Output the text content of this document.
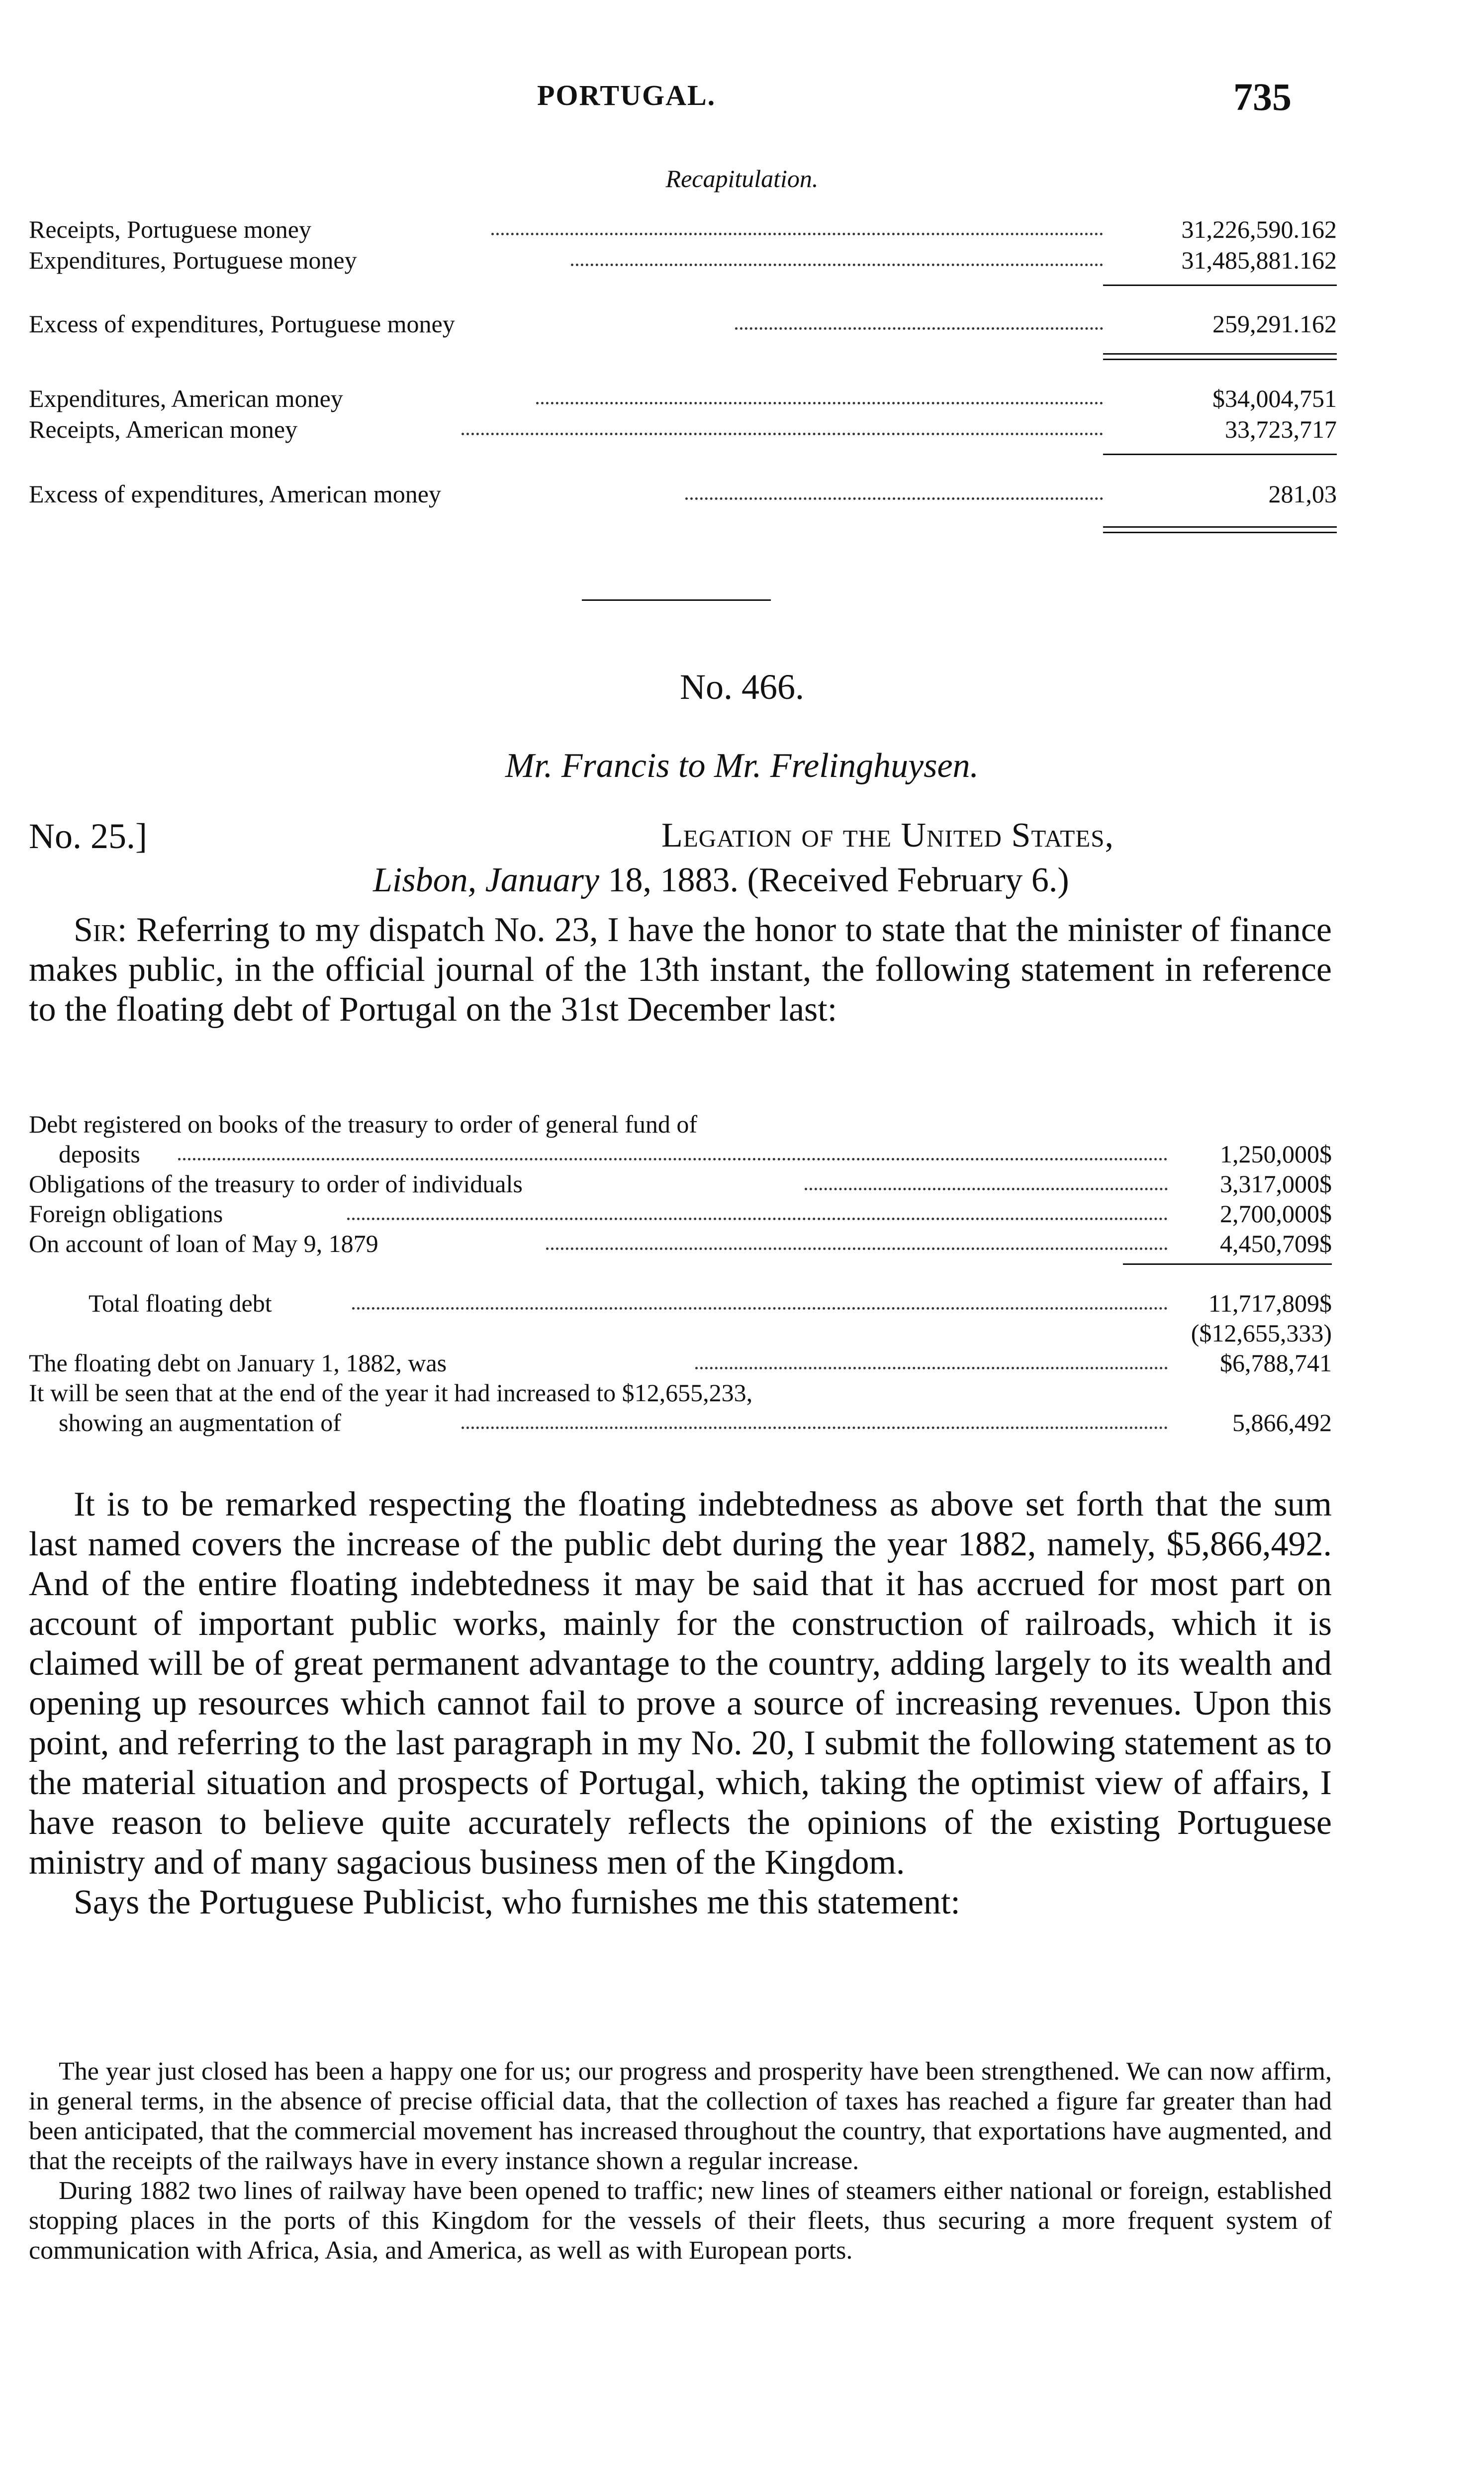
PORTUGAL.	735
Recapitulation.
Receipts, Portuguese money	31,226,590.162
Expenditures, Portuguese money	31,485,881.162
Excess of expenditures, Portuguese money	259,291.162
Expenditures, American money	$34,004,751
Receipts, American money	33,723,717
Excess of expenditures, American money	281,03
No. 466.
Mr. Francis to Mr. Frelinghuysen.
No. 25.]	Legation of the United States,
Lisbon, January 18, 1883. (Received February 6.)

Sir: Referring to my dispatch No. 23, I have the honor to state that the minister of finance makes public, in the official journal of the 13th instant, the following statement in reference to the floating debt of Portugal on the 31st December last:

Debt registered on books of the treasury to order of general fund of
deposits	1,250,000$
Obligations of the treasury to order of individuals	3,317,000$
Foreign obligations	2,700,000$
On account of loan of May 9, 1879	4,450,709$
Total floating debt	11,717,809$
($12,655,333)
The floating debt on January 1, 1882, was	$6,788,741
It will be seen that at the end of the year it had increased to $12,655,233,
showing an augmentation of	5,866,492

It is to be remarked respecting the floating indebtedness as above set forth that the sum last named covers the increase of the public debt during the year 1882, namely, $5,866,492. And of the entire floating indebtedness it may be said that it has accrued for most part on account of important public works, mainly for the construction of railroads, which it is claimed will be of great permanent advantage to the country, adding largely to its wealth and opening up resources which cannot fail to prove a source of increasing revenues. Upon this point, and referring to the last paragraph in my No. 20, I submit the following statement as to the material situation and prospects of Portugal, which, taking the optimist view of affairs, I have reason to believe quite accurately reflects the opinions of the existing Portuguese ministry and of many sagacious business men of the Kingdom.

Says the Portuguese Publicist, who furnishes me this statement:

The year just closed has been a happy one for us; our progress and prosperity have been strengthened. We can now affirm, in general terms, in the absence of precise official data, that the collection of taxes has reached a figure far greater than had been anticipated, that the commercial movement has increased throughout the country, that exportations have augmented, and that the receipts of the railways have in every instance shown a regular increase.

During 1882 two lines of railway have been opened to traffic; new lines of steamers either national or foreign, established stopping places in the ports of this Kingdom for the vessels of their fleets, thus securing a more frequent system of communication with Africa, Asia, and America, as well as with European ports.
